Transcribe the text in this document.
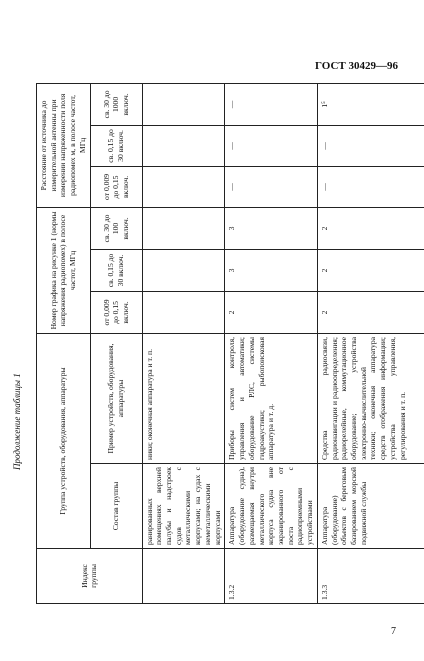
ГОСТ 30429—96
Продолжение таблицы 1
Индекс группы	Группа устройств, оборудования, аппаратуры		Номер графика на рисунке 1 (нормы напряжения радиопомех) в полосе частот, МГц			Расстояние от источника до измерительной антенны при измерении напряженности поля радиопомех м, в полосе частот, МГц		
	Состав группы	Пример устройств, оборудования, аппаратуры	от 0,009 до 0,15 включ.	св. 0,15 до 30 включ.	св. 30 до 100 включ.	от 0,009 до 0,15 включ.	св. 0,15 до 30 включ.	св. 30 до 1000 включ.
	ранированных помещениях верхней палубы и надстроек судов с металлическими корпусами; на судах с неметаллическими корпусами	ники; оконечная аппаратура и т. п.						
1.3.2	Аппаратура (оборудование судна), размещаемая внутри металлического корпуса судна вне экранированного от поста с радиоприемными устройствами	Приборы систем контроля, управления и автоматики; оборудование РЛС, системы гидроакустики; рыбопоисковая аппаратура и т. д.	2	3	3	—	—	—
1.3.3	Аппаратура (оборудование) объектов с береговым базированием морской подвижной службы	Средства радиосвязи, радионавигации и радиоопределения; радиорелейные, коммутационное оборудование; устройства электронно-вычислительной техники; оконечная аппаратура средств отображения информации; устройства управления, регулирования и т. п.	2	2	2	—	—	1⁵
7
